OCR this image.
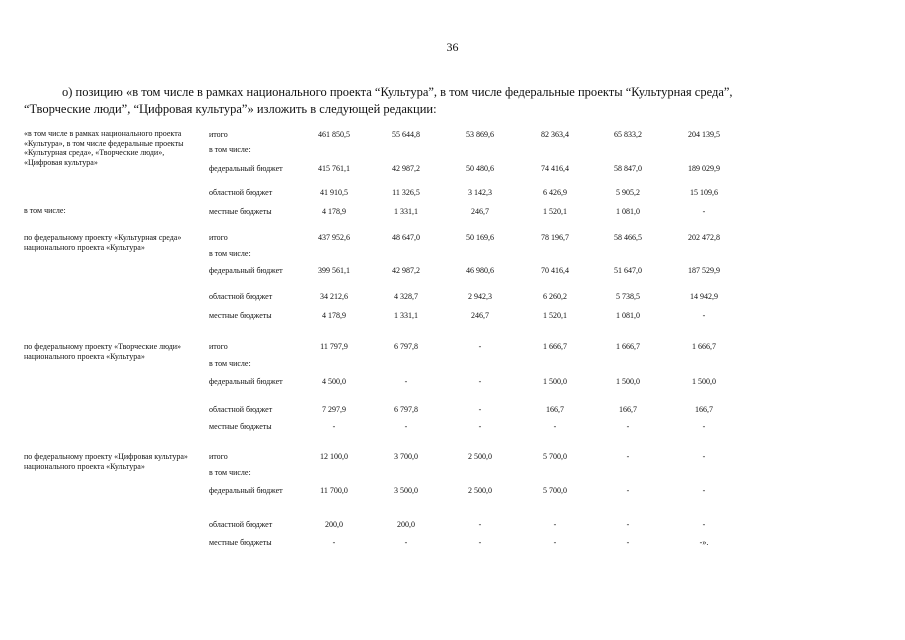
36
о) позицию «в том числе в рамках национального проекта “Культура”, в том числе федеральные проекты “Культурная среда”,
“Творческие люди”, “Цифровая культура”» изложить в следующей редакции:
«в том числе в рамках национального проекта «Культура», в том числе федеральные проекты «Культурная среда», «Творческие люди», «Цифровая культура»
в том числе:
итого	461 850,5	55 644,8	53 869,6	82 363,4	65 833,2	204 139,5
в том числе:
федеральный бюджет	415 761,1	42 987,2	50 480,6	74 416,4	58 847,0	189 029,9
областной бюджет	41 910,5	11 326,5	3 142,3	6 426,9	5 905,2	15 109,6
местные бюджеты	4 178,9	1 331,1	246,7	1 520,1	1 081,0	-
по федеральному проекту «Культурная среда» национального проекта «Культура»
итого	437 952,6	48 647,0	50 169,6	78 196,7	58 466,5	202 472,8
в том числе:
федеральный бюджет	399 561,1	42 987,2	46 980,6	70 416,4	51 647,0	187 529,9
областной бюджет	34 212,6	4 328,7	2 942,3	6 260,2	5 738,5	14 942,9
местные бюджеты	4 178,9	1 331,1	246,7	1 520,1	1 081,0	-
по федеральному проекту «Творческие люди» национального проекта «Культура»
итого	11 797,9	6 797,8	-	1 666,7	1 666,7	1 666,7
в том числе:
федеральный бюджет	4 500,0	-	-	1 500,0	1 500,0	1 500,0
областной бюджет	7 297,9	6 797,8	-	166,7	166,7	166,7
местные бюджеты	-	-	-	-	-	-
по федеральному проекту «Цифровая культура» национального проекта «Культура»
итого	12 100,0	3 700,0	2 500,0	5 700,0	-	-
в том числе:
федеральный бюджет	11 700,0	3 500,0	2 500,0	5 700,0	-	-
областной бюджет	200,0	200,0	-	-	-	-
местные бюджеты	-	-	-	-	-	-».
